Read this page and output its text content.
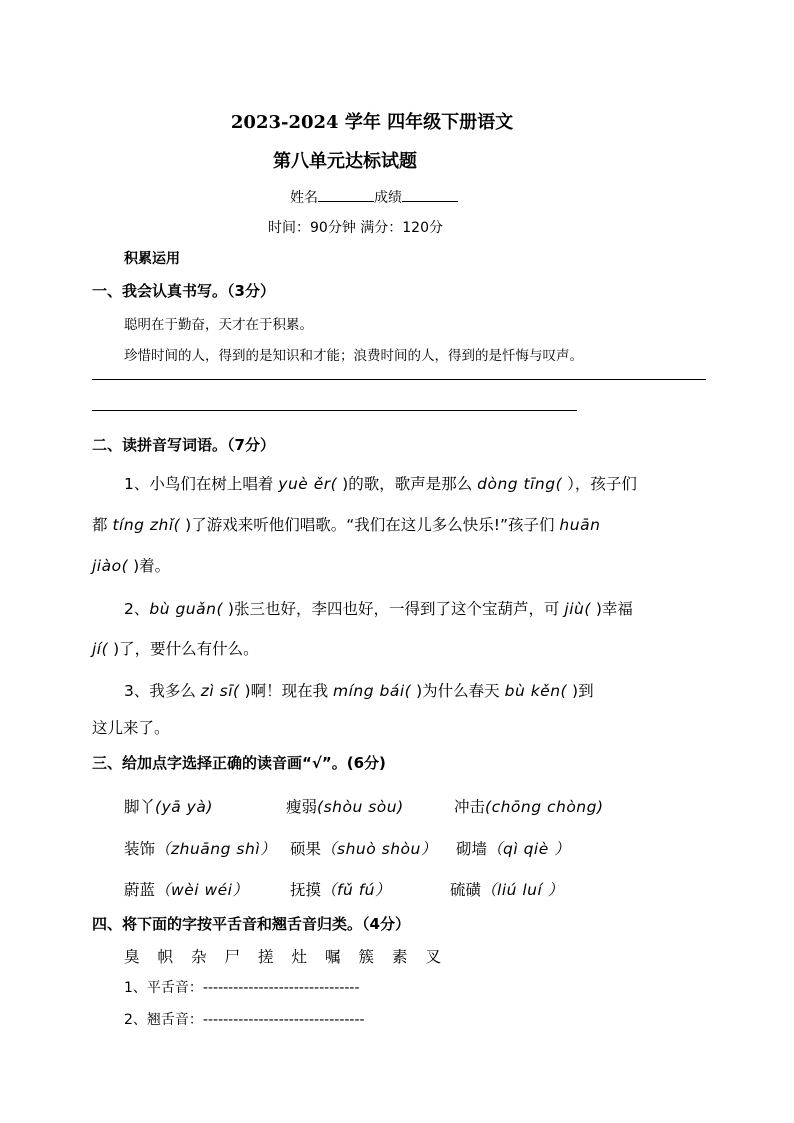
2023-2024 学年 四年级下册语文
第八单元达标试题
姓名	成绩
时间：90分钟 满分：120分
积累运用
一、我会认真书写。（3分）
聪明在于勤奋，天才在于积累。
珍惜时间的人，得到的是知识和才能；浪费时间的人，得到的是忏悔与叹声。
二、读拼音写词语。（7分）
1、小鸟们在树上唱着 yuè ěr( )的歌，歌声是那么 dòng tīng( ），孩子们
都 tíng zhǐ( )了游戏来听他们唱歌。“我们在这儿多么快乐!”孩子们 huān
jiào( )着。
2、bù guǎn( )张三也好，李四也好，一得到了这个宝葫芦，可 jiù( )幸福
jí( )了，要什么有什么。
3、我多么 zì sī( )啊！现在我 míng bái( )为什么春天 bù kěn( )到
这儿来了。
三、给加点字选择正确的读音画“√”。(6分)
脚丫(yā yà)	瘦弱(shòu sòu)	冲击(chōng chòng)
装饰（zhuāng shì） 硕果（shuò shòu） 砌墙（qì qiè ）
蔚蓝（wèi wéi）	抚摸（fǔ fú）	硫磺（liú luí ）
四、将下面的字按平舌音和翘舌音归类。（4分）
臭 帜 杂 尸 搓 灶 嘱 簇 素 叉
1、平舌音：-------------------------------
2、翘舌音：--------------------------------
